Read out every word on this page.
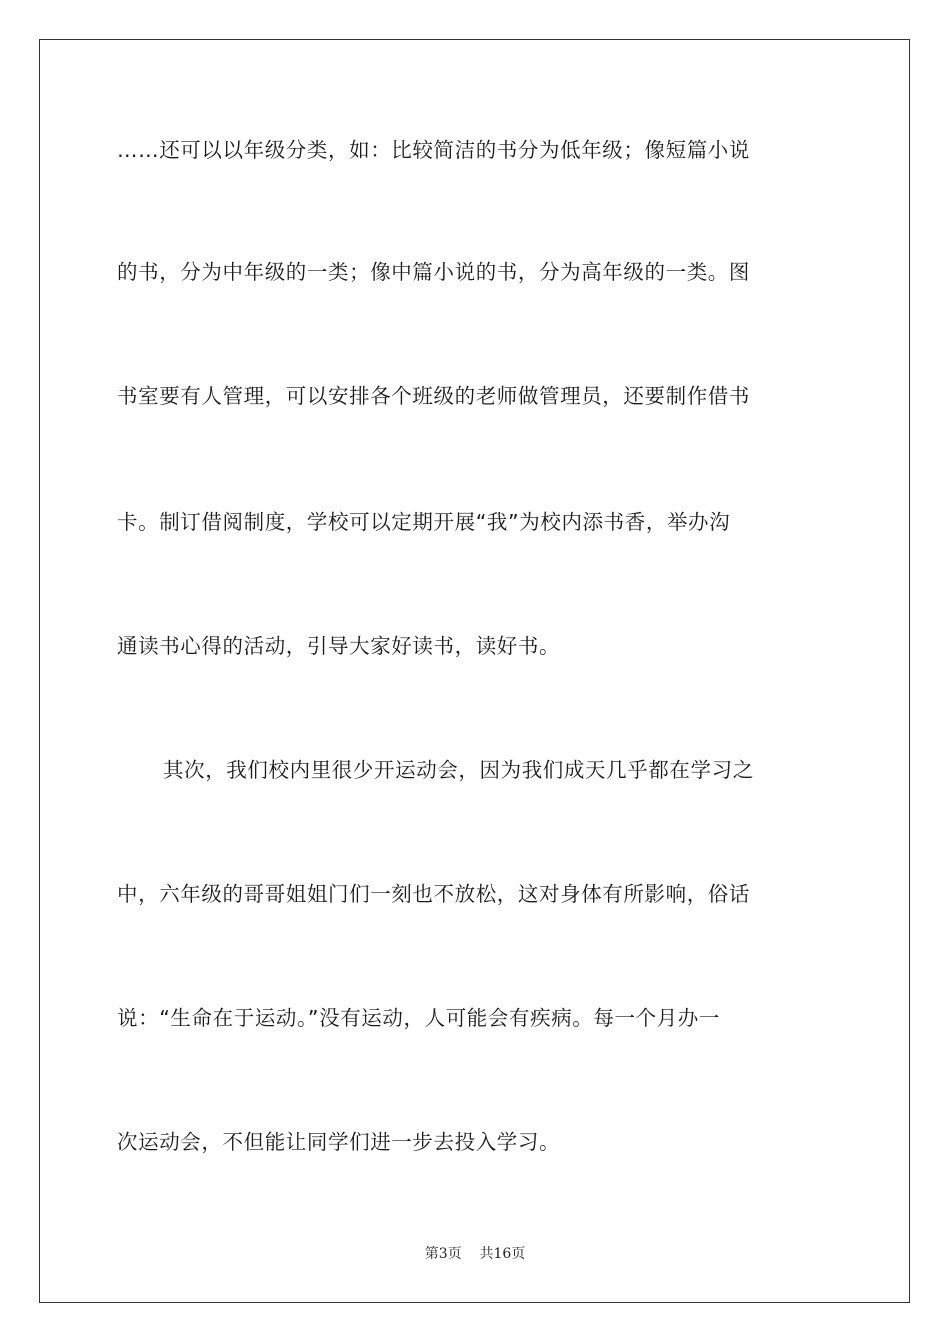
……还可以以年级分类，如：比较简洁的书分为低年级；像短篇小说
的书，分为中年级的一类；像中篇小说的书，分为高年级的一类。图
书室要有人管理，可以安排各个班级的老师做管理员，还要制作借书
卡。制订借阅制度，学校可以定期开展“我”为校内添书香，举办沟
通读书心得的活动，引导大家好读书，读好书。
其次，我们校内里很少开运动会，因为我们成天几乎都在学习之
中，六年级的哥哥姐姐门们一刻也不放松，这对身体有所影响，俗话
说：“生命在于运动。”没有运动，人可能会有疾病。每一个月办一
次运动会，不但能让同学们进一步去投入学习。
第3页 共16页
